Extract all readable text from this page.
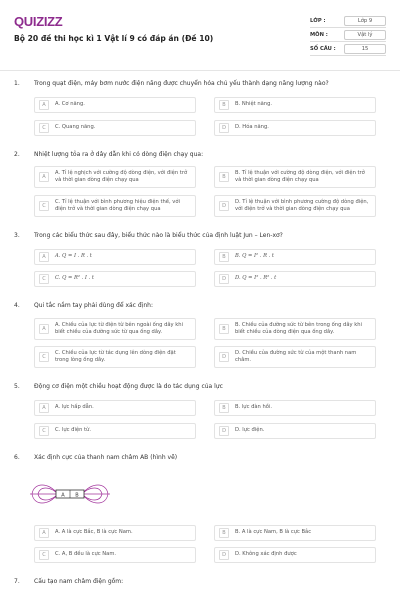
QUIZIZZ
Bộ 20 đề thi học kì 1 Vật lí 9 có đáp án (Đề 10)
LỚP :	Lớp 9
MÔN :	Vật lý
SỐ CÂU :	15
1. Trong quạt điện, máy bơm nước điện năng được chuyển hóa chủ yếu thành dạng năng lượng nào?
A	A. Cơ năng.	B	B. Nhiệt năng.
C	C. Quang năng.	D	D. Hóa năng.
2. Nhiệt lượng tỏa ra ở dây dẫn khi có dòng điện chạy qua:
A
A. Tỉ lệ nghịch với cường độ dòng điện, với điện trở và thời gian dòng điện chạy qua	B
B. Tỉ lệ thuận với cường độ dòng điện, với điện trở và thời gian dòng điện chạy qua
C
C. Tỉ lệ thuận với bình phương hiệu điện thế, với điện trở và thời gian dòng điện chạy qua	D
D. Tỉ lệ thuận với bình phương cường độ dòng điện, với điện trở và thời gian dòng điện chạy qua
3. Trong các biểu thức sau đây, biểu thức nào là biểu thức của định luật Jun – Len-xơ?
A	A. Q = I . R . t	B	B. Q = I² . R . t
C	C. Q = R² . I . t	D	D. Q = I² . R² . t
4. Qui tắc nắm tay phải dùng để xác định:
A
A. Chiều của lực từ điện từ bên ngoài ống dây khi biết chiều của đường sức từ qua ống dây.	B
B. Chiều của đường sức từ bên trong ống dây khi biết chiều của dòng điện qua ống dây.
C
C. Chiều của lực từ tác dụng lên dòng điện đặt trong lòng ống dây.	D
D. Chiều của đường sức từ của một thanh nam châm.
5. Động cơ điện một chiều hoạt động được là do tác dụng của lực
A	A. lực hấp dẫn.	B	B. lực đàn hồi.
C	C. lực điện từ.	D	D. lực điện.
6. Xác định cực của thanh nam châm AB (hình vẽ)
A B
A	A. A là cực Bắc, B là cực Nam.	B	B. A là cực Nam, B là cực Bắc
C	C. A, B đều là cực Nam.	D	D. Không xác định được
7. Cấu tạo nam châm điện gồm:
